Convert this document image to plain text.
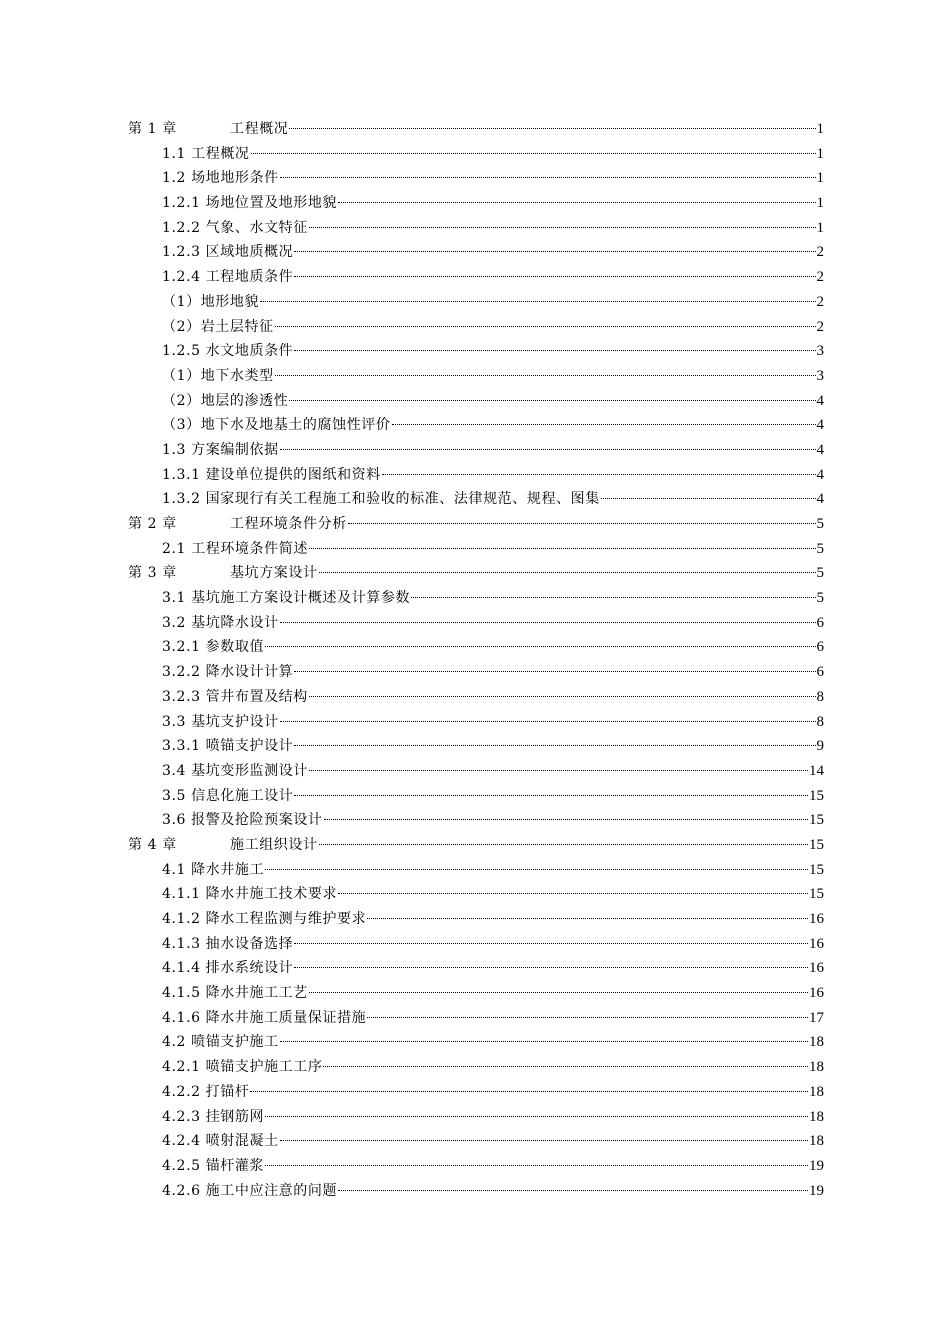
第 1 章	工程概况	1
1.1 工程概况	1
1.2 场地地形条件	1
1.2.1 场地位置及地形地貌	1
1.2.2 气象、水文特征	1
1.2.3 区域地质概况	2
1.2.4 工程地质条件	2
（1）地形地貌	2
（2）岩土层特征	2
1.2.5 水文地质条件	3
（1）地下水类型	3
（2）地层的渗透性	4
（3）地下水及地基土的腐蚀性评价	4
1.3 方案编制依据	4
1.3.1 建设单位提供的图纸和资料	4
1.3.2 国家现行有关工程施工和验收的标准、法律规范、规程、图集	4
第 2 章	工程环境条件分析	5
2.1 工程环境条件简述	5
第 3 章	基坑方案设计	5
3.1 基坑施工方案设计概述及计算参数	5
3.2 基坑降水设计	6
3.2.1 参数取值	6
3.2.2 降水设计计算	6
3.2.3 管井布置及结构	8
3.3 基坑支护设计	8
3.3.1 喷锚支护设计	9
3.4 基坑变形监测设计	14
3.5 信息化施工设计	15
3.6 报警及抢险预案设计	15
第 4 章	施工组织设计	15
4.1 降水井施工	15
4.1.1 降水井施工技术要求	15
4.1.2 降水工程监测与维护要求	16
4.1.3 抽水设备选择	16
4.1.4 排水系统设计	16
4.1.5 降水井施工工艺	16
4.1.6 降水井施工质量保证措施	17
4.2 喷锚支护施工	18
4.2.1 喷锚支护施工工序	18
4.2.2 打锚杆	18
4.2.3 挂钢筋网	18
4.2.4 喷射混凝土	18
4.2.5 锚杆灌浆	19
4.2.6 施工中应注意的问题	19
